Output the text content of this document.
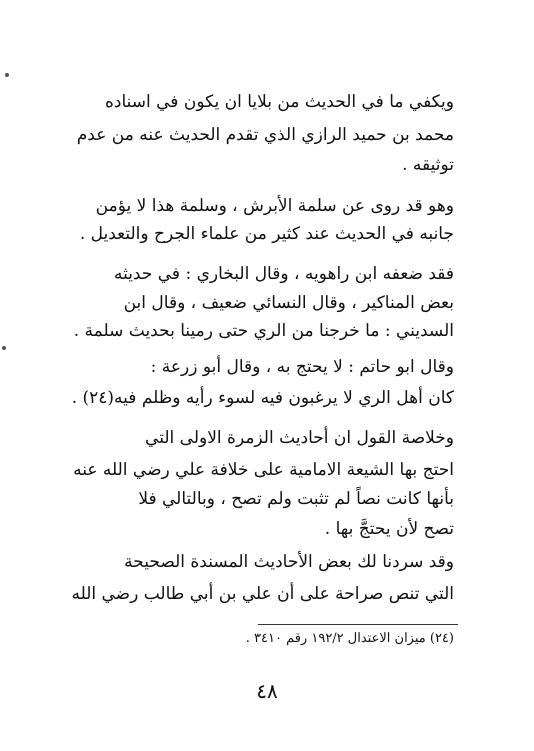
ويكفي ما في الحديث من بلايا ان يكون في اسناده
محمد بن حميد الرازي الذي تقدم الحديث عنه من عدم
توثيقه .
وهو قد روى عن سلمة الأبرش ، وسلمة هذا لا يؤمن
جانبه في الحديث عند كثير من علماء الجرح والتعديل .
فقد ضعفه ابن راهويه ، وقال البخاري : في حديثه
بعض المناكير ، وقال النسائي ضعيف ، وقال ابن
السديني : ما خرجنا من الري حتى رمينا بحديث سلمة .
وقال ابو حاتم : لا يحتج به ، وقال أبو زرعة :
كان أهل الري لا يرغبون فيه لسوء رأيه وظلم فيه(٢٤) .
وخلاصة القول ان أحاديث الزمرة الاولى التي
احتج بها الشيعة الامامية على خلافة علي رضي الله عنه
بأنها كانت نصاً لم تثبت ولم تصح ، وبالتالي فلا
تصح لأن يحتجَّ بها .
وقد سردنا لك بعض الأحاديث المسندة الصحيحة
التي تنص صراحة على أن علي بن أبي طالب رضي الله
(٢٤) ميزان الاعتدال ١٩٢/٢ رقم ٣٤١٠ .
٤٨
